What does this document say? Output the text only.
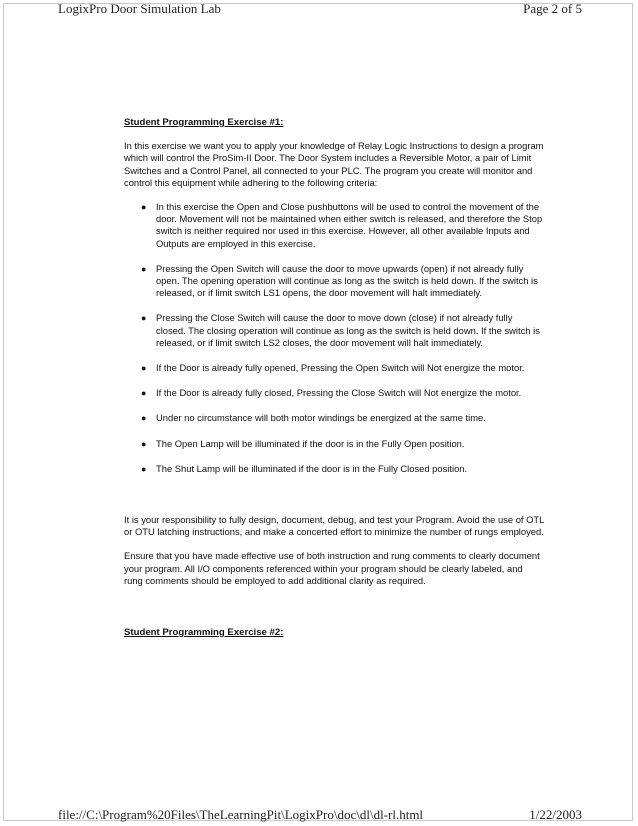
LogixPro Door Simulation Lab	Page 2 of 5

Student Programming Exercise #1:

In this exercise we want you to apply your knowledge of Relay Logic Instructions to design a program which will control the ProSim-II Door. The Door System includes a Reversible Motor, a pair of Limit Switches and a Control Panel, all connected to your PLC. The program you create will monitor and control this equipment while adhering to the following criteria:

● In this exercise the Open and Close pushbuttons will be used to control the movement of the door. Movement will not be maintained when either switch is released, and therefore the Stop switch is neither required nor used in this exercise. However, all other available Inputs and Outputs are employed in this exercise.
● Pressing the Open Switch will cause the door to move upwards (open) if not already fully open. The opening operation will continue as long as the switch is held down. If the switch is released, or if limit switch LS1 opens, the door movement will halt immediately.
● Pressing the Close Switch will cause the door to move down (close) if not already fully closed. The closing operation will continue as long as the switch is held down. If the switch is released, or if limit switch LS2 closes, the door movement will halt immediately.
● If the Door is already fully opened, Pressing the Open Switch will Not energize the motor.
● If the Door is already fully closed, Pressing the Close Switch will Not energize the motor.
● Under no circumstance will both motor windings be energized at the same time.
● The Open Lamp will be illuminated if the door is in the Fully Open position.
● The Shut Lamp will be illuminated if the door is in the Fully Closed position.

It is your responsibility to fully design, document, debug, and test your Program. Avoid the use of OTL or OTU latching instructions, and make a concerted effort to minimize the number of rungs employed.

Ensure that you have made effective use of both instruction and rung comments to clearly document your program. All I/O components referenced within your program should be clearly labeled, and rung comments should be employed to add additional clarity as required.

Student Programming Exercise #2:

file://C:\Program%20Files\TheLearningPit\LogixPro\doc\dl\dl-rl.html	1/22/2003
